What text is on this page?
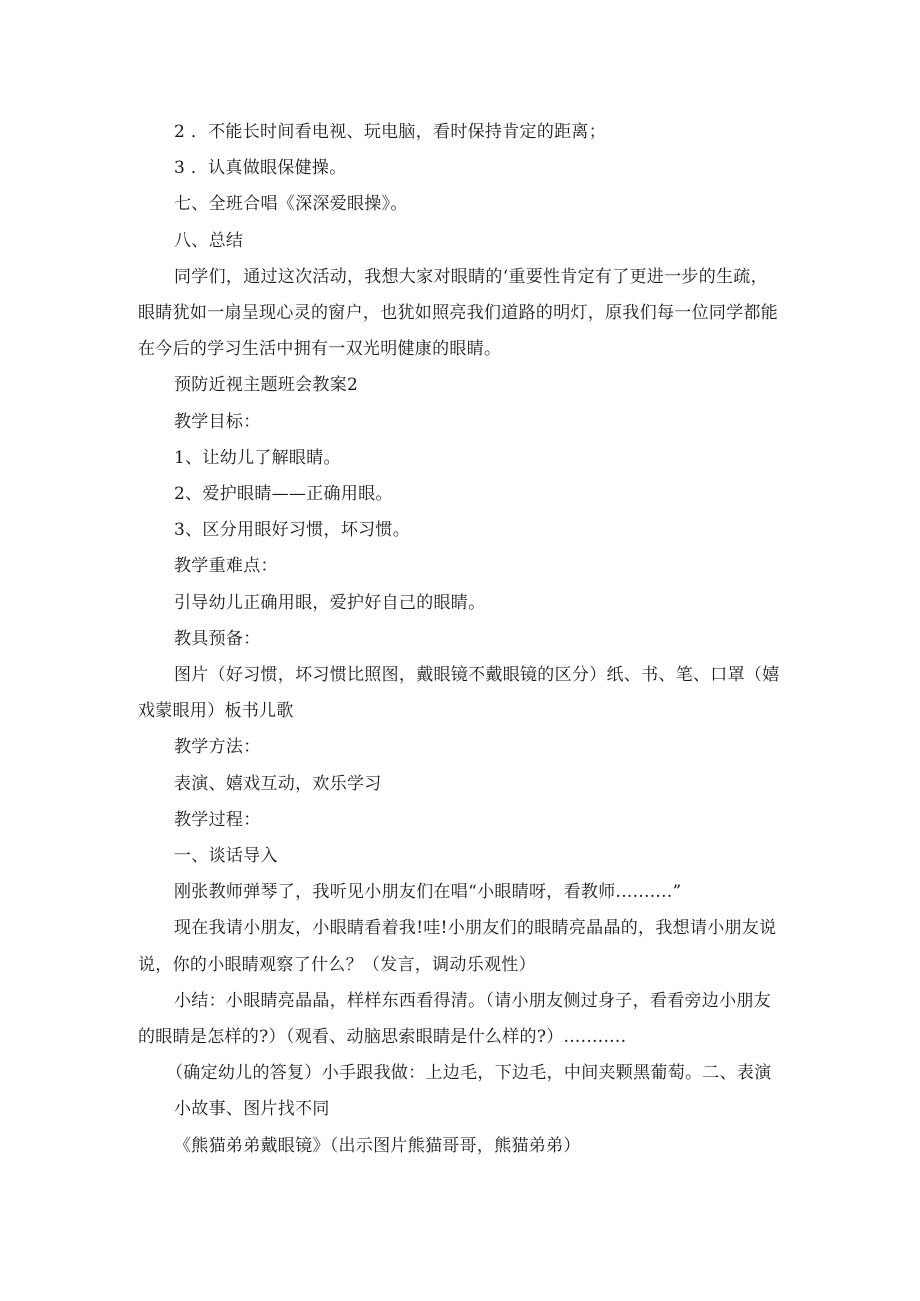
2 ．不能长时间看电视、玩电脑，看时保持肯定的距离；
3 ．认真做眼保健操。
七、全班合唱《深深爱眼操》。
八、总结
同学们，通过这次活动，我想大家对眼睛的‘重要性肯定有了更进一步的生疏，
眼睛犹如一扇呈现心灵的窗户，也犹如照亮我们道路的明灯，原我们每一位同学都能
在今后的学习生活中拥有一双光明健康的眼睛。
预防近视主题班会教案2
教学目标：
1、让幼儿了解眼睛。
2、爱护眼睛——正确用眼。
3、区分用眼好习惯，坏习惯。
教学重难点：
引导幼儿正确用眼，爱护好自己的眼睛。
教具预备：
图片（好习惯，坏习惯比照图，戴眼镜不戴眼镜的区分）纸、书、笔、口罩（嬉
戏蒙眼用）板书儿歌
教学方法：
表演、嬉戏互动，欢乐学习
教学过程：
一、谈话导入
刚张教师弹琴了，我听见小朋友们在唱“小眼睛呀，看教师..........”
现在我请小朋友，小眼睛看着我!哇!小朋友们的眼睛亮晶晶的，我想请小朋友说
说，你的小眼睛观察了什么？（发言，调动乐观性）
小结：小眼睛亮晶晶，样样东西看得清。（请小朋友侧过身子，看看旁边小朋友
的眼睛是怎样的?）（观看、动脑思索眼睛是什么样的?）...........
（确定幼儿的答复）小手跟我做：上边毛，下边毛，中间夹颗黑葡萄。二、表演
小故事、图片找不同
《熊猫弟弟戴眼镜》（出示图片熊猫哥哥，熊猫弟弟）
